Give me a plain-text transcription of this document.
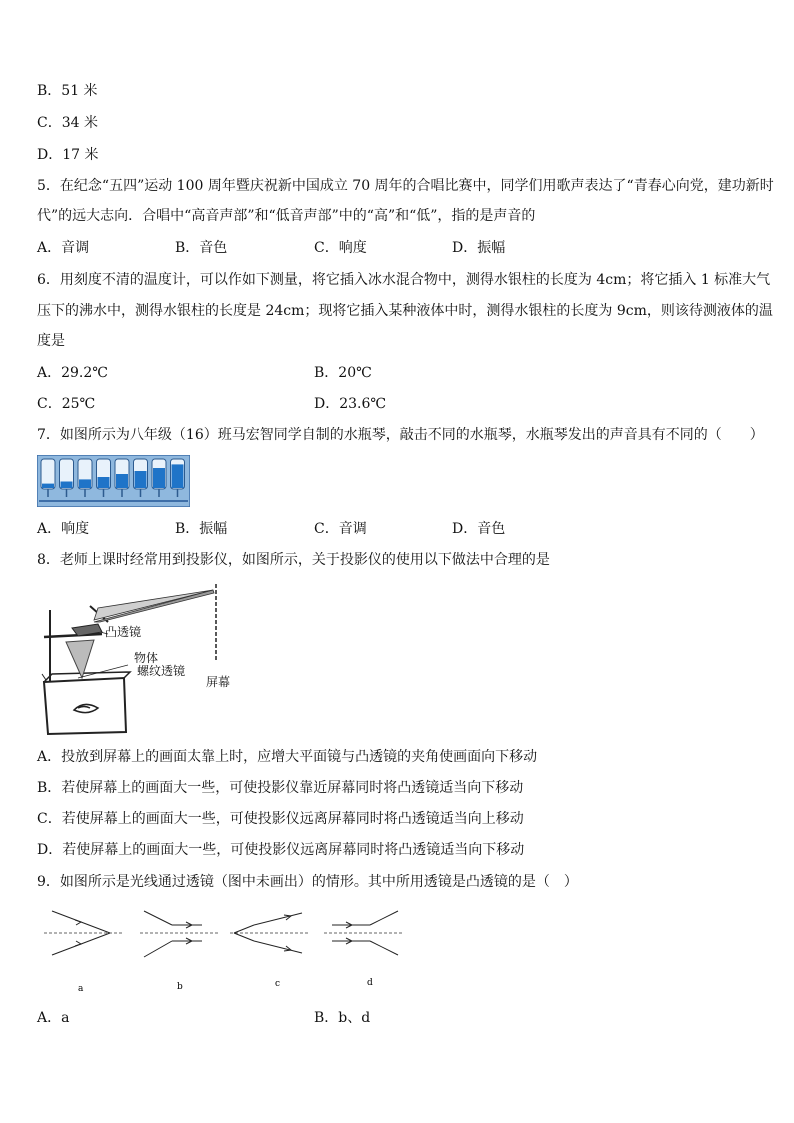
B．51 米
C．34 米
D．17 米
5．在纪念“五四”运动 100 周年暨庆祝新中国成立 70 周年的合唱比赛中，同学们用歌声表达了“青春心向党，建功新时
代”的远大志向．合唱中“高音声部”和“低音声部”中的“高”和“低”，指的是声音的
A．音调	B．音色	C．响度	D．振幅
6．用刻度不清的温度计，可以作如下测量，将它插入冰水混合物中，测得水银柱的长度为 4cm；将它插入 1 标准大气
压下的沸水中，测得水银柱的长度是 24cm；现将它插入某种液体中时，测得水银柱的长度为 9cm，则该待测液体的温
度是
A．29.2℃	B．20℃
C．25℃	D．23.6℃
7．如图所示为八年级（16）班马宏智同学自制的水瓶琴，敲击不同的水瓶琴，水瓶琴发出的声音具有不同的（　　）
A．响度	B．振幅	C．音调	D．音色
8．老师上课时经常用到投影仪，如图所示，关于投影仪的使用以下做法中合理的是
凸透镜
物体
螺纹透镜
屏幕
A．投放到屏幕上的画面太靠上时，应增大平面镜与凸透镜的夹角使画面向下移动
B．若使屏幕上的画面大一些，可使投影仪靠近屏幕同时将凸透镜适当向下移动
C．若使屏幕上的画面大一些，可使投影仪远离屏幕同时将凸透镜适当向上移动
D．若使屏幕上的画面大一些，可使投影仪远离屏幕同时将凸透镜适当向下移动
9．如图所示是光线通过透镜（图中未画出）的情形。其中所用透镜是凸透镜的是（　）
a	b	c	d
A．a	B．b、d
